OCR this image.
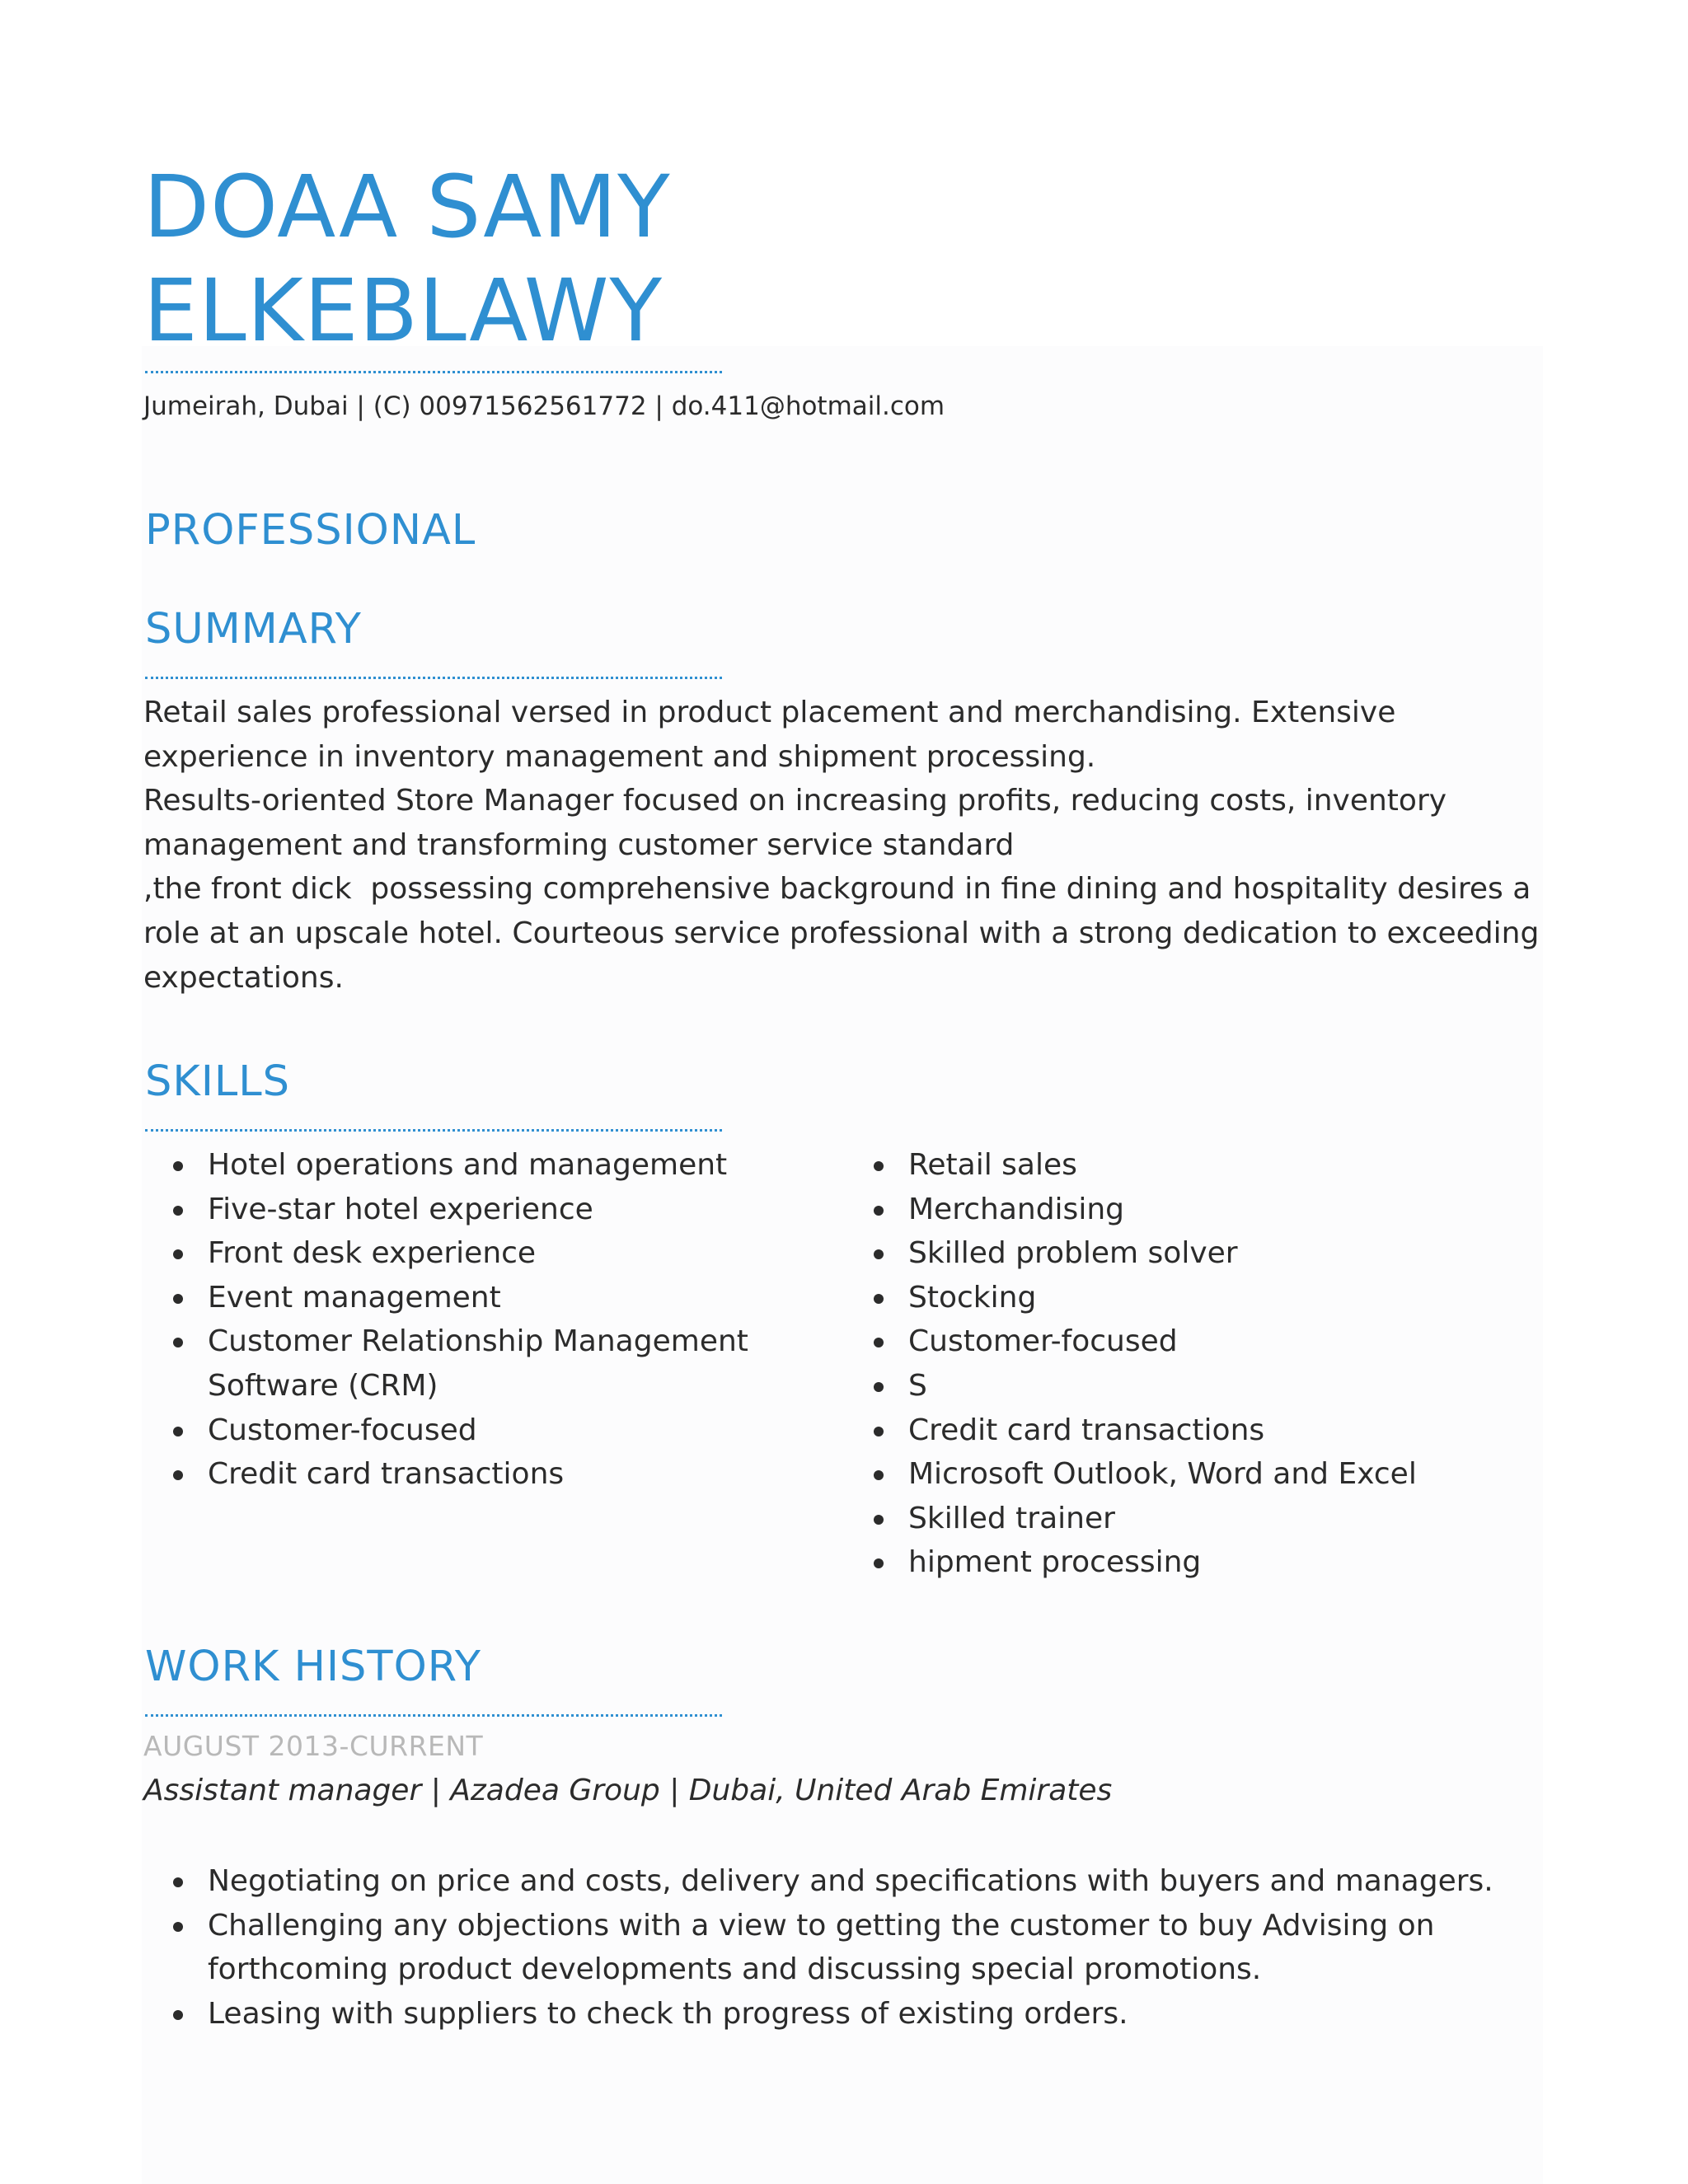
DOAA SAMY
ELKEBLAWY
Jumeirah, Dubai | (C) 00971562561772 | do.411@hotmail.com
PROFESSIONAL
SUMMARY

Retail sales professional versed in product placement and merchandising. Extensive experience in inventory management and shipment processing.

Results-oriented Store Manager focused on increasing profits, reducing costs, inventory management and transforming customer service standard

,the front dick  possessing comprehensive background in fine dining and hospitality desires a role at an upscale hotel. Courteous service professional with a strong dedication to exceeding expectations.

SKILLS
Hotel operations and management
Five-star hotel experience
Front desk experience
Event management
Customer Relationship Management Software (CRM)
Customer-focused
Credit card transactions
Retail sales
Merchandising
Skilled problem solver
Stocking
Customer-focused
S
Credit card transactions
Microsoft Outlook, Word and Excel
Skilled trainer
hipment processing
WORK HISTORY
AUGUST 2013-CURRENT
Assistant manager | Azadea Group | Dubai, United Arab Emirates
Negotiating on price and costs, delivery and specifications with buyers and managers.
Challenging any objections with a view to getting the customer to buy Advising on forthcoming product developments and discussing special promotions.
Leasing with suppliers to check th progress of existing orders.
